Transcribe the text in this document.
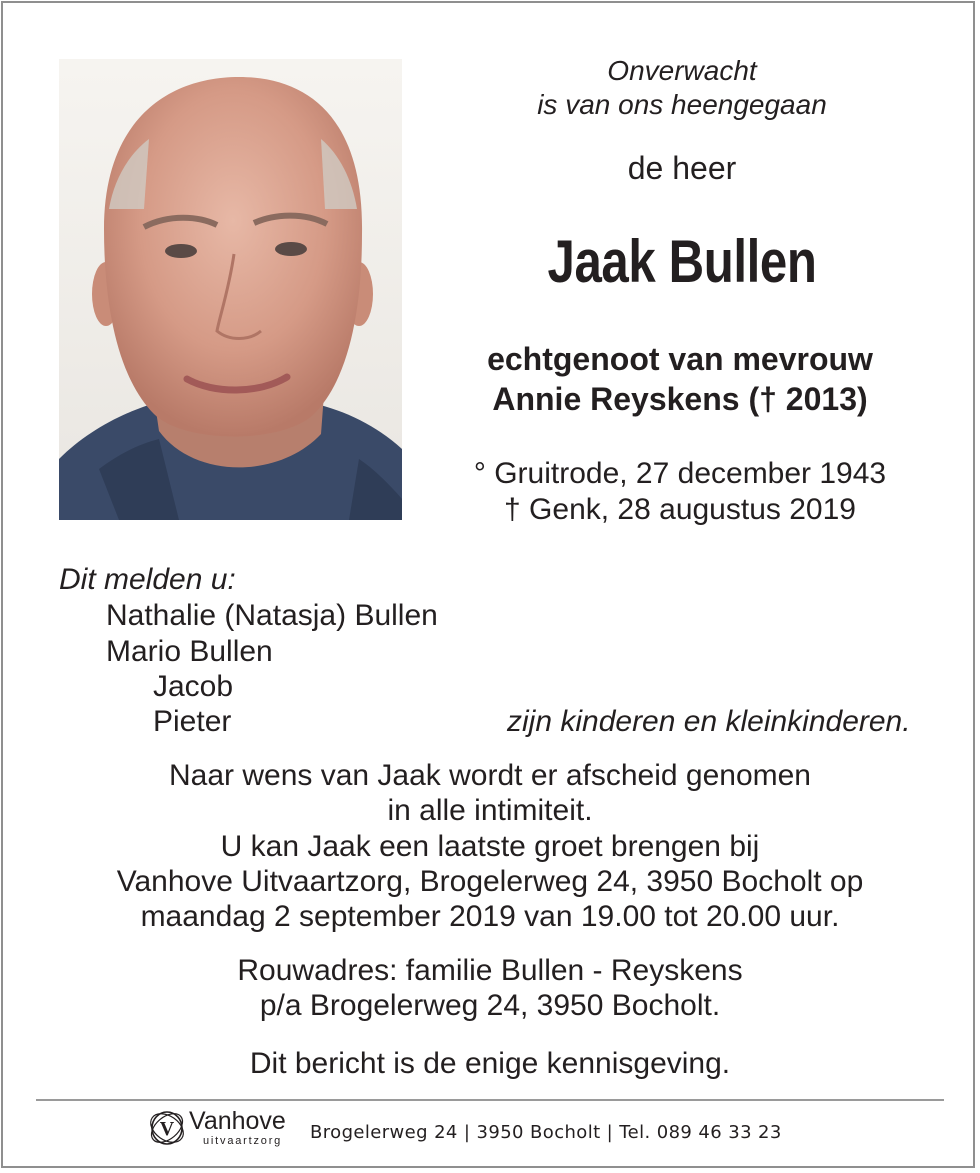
Onverwacht
is van ons heengegaan
de heer
Jaak Bullen
echtgenoot van mevrouw
Annie Reyskens († 2013)
° Gruitrode, 27 december 1943
† Genk, 28 augustus 2019
Dit melden u:
Nathalie (Natasja) Bullen
Mario Bullen
Jacob
Pieter	zijn kinderen en kleinkinderen.
Naar wens van Jaak wordt er afscheid genomen
in alle intimiteit.
U kan Jaak een laatste groet brengen bij
Vanhove Uitvaartzorg, Brogelerweg 24, 3950 Bocholt op
maandag 2 september 2019 van 19.00 tot 20.00 uur.
Rouwadres: familie Bullen - Reyskens
p/a Brogelerweg 24, 3950 Bocholt.
Dit bericht is de enige kennisgeving.
V Vanhove
uitvaartzorg Brogelerweg 24 | 3950 Bocholt | Tel. 089 46 33 23
